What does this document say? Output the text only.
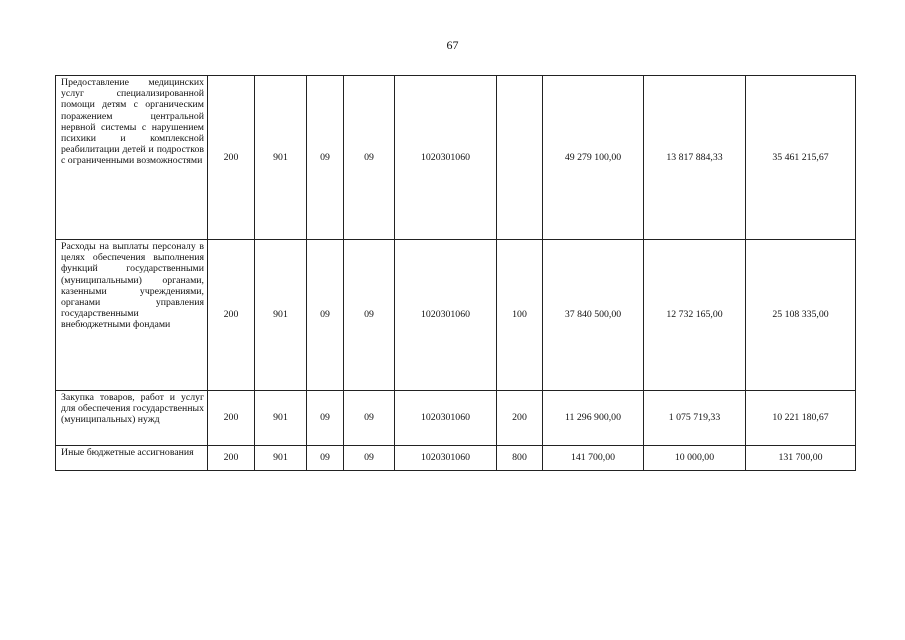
67
Предоставление медицинских услуг специализированной помощи детям с органическим поражением центральной нервной системы с нарушением психики и комплексной реабилитации детей и подростков с ограниченными возможностями	200	901	09	09	1020301060		49 279 100,00	13 817 884,33	35 461 215,67
Расходы на выплаты персоналу в целях обеспечения выполнения функций государственными (муниципальными) органами, казенными учреждениями, органами управления государственными внебюджетными фондами	200	901	09	09	1020301060	100	37 840 500,00	12 732 165,00	25 108 335,00
Закупка товаров, работ и услуг для обеспечения государственных (муниципальных) нужд	200	901	09	09	1020301060	200	11 296 900,00	1 075 719,33	10 221 180,67
Иные бюджетные ассигнования	200	901	09	09	1020301060	800	141 700,00	10 000,00	131 700,00
